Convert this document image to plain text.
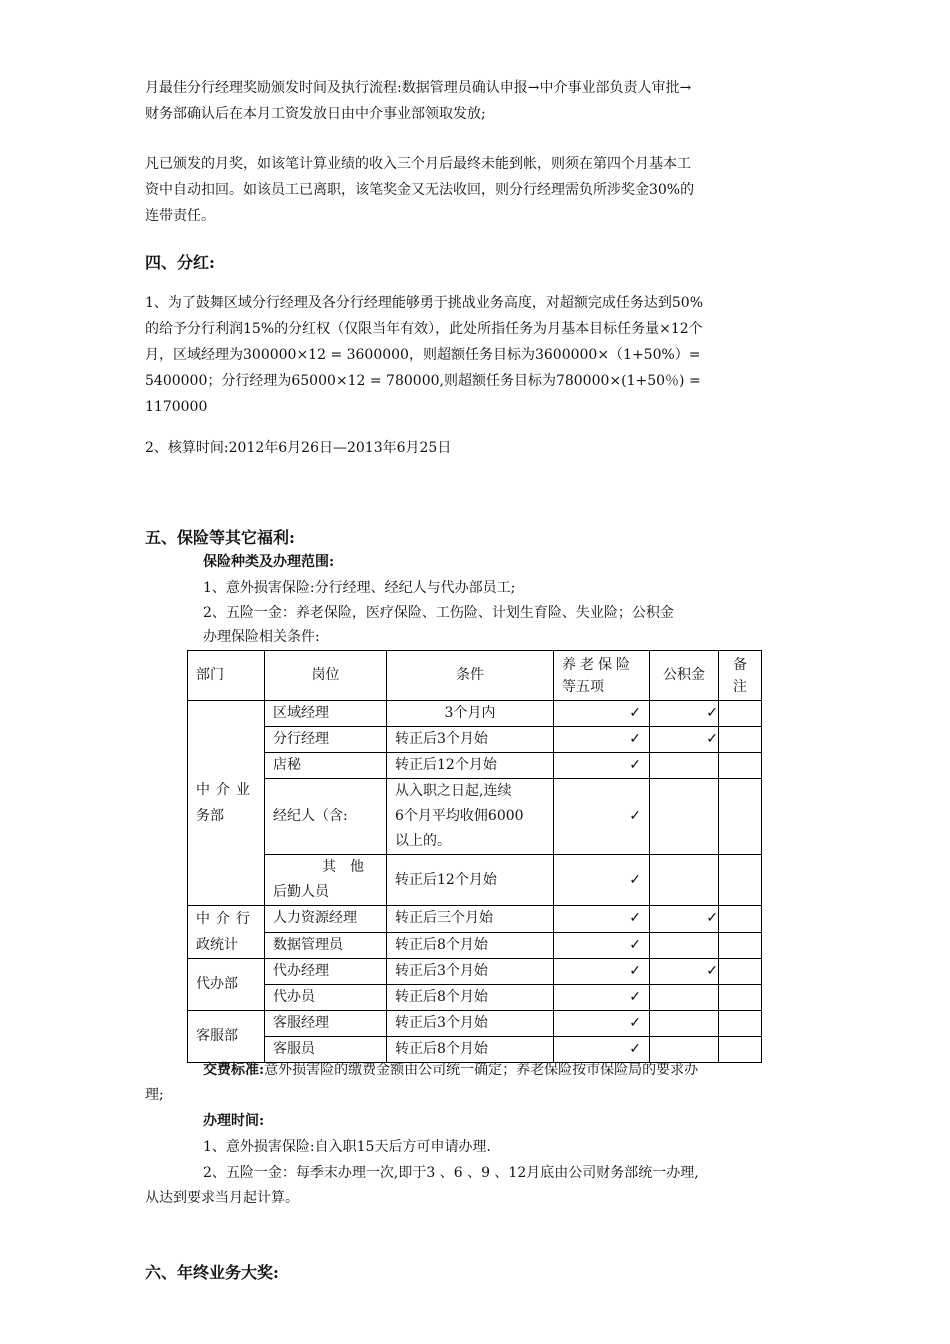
月最佳分行经理奖励颁发时间及执行流程:数据管理员确认申报→中介事业部负责人审批→
财务部确认后在本月工资发放日由中介事业部领取发放;

凡已颁发的月奖，如该笔计算业绩的收入三个月后最终未能到帐，则须在第四个月基本工
资中自动扣回。如该员工已离职，该笔奖金又无法收回，则分行经理需负所涉奖金30%的
连带责任。

四、分红:

1、为了鼓舞区域分行经理及各分行经理能够勇于挑战业务高度，对超额完成任务达到50%
的给予分行利润15%的分红权（仅限当年有效），此处所指任务为月基本目标任务量×12个
月，区域经理为300000×12 = 3600000，则超额任务目标为3600000×（1+50%）=
5400000；分行经理为65000×12 = 780000,则超额任务目标为780000×(1+50％) =
1170000

2、核算时间:2012年6月26日—2013年6月25日

五、保险等其它福利:

保险种类及办理范围:

1、意外损害保险:分行经理、经纪人与代办部员工;

2、五险一金：养老保险，医疗保险、工伤险、计划生育险、失业险；公积金

办理保险相关条件:

部门	岗位	条件	养老保险
等五项	公积金	备
注

中介业
务部	区域经理	3个月内	✓	✓	
	分行经理	转正后3个月始	✓	✓	
	店秘	转正后12个月始	✓		
	经纪人（含:	从入职之日起,连续
6个月平均收佣6000
以上的。	✓		

	其他
后勤人员	转正后12个月始	✓		

中介行
政统计	人力资源经理	转正后三个月始	✓	✓	
	数据管理员	转正后8个月始	✓		
代办部	代办经理	转正后3个月始	✓	✓	
	代办员	转正后8个月始	✓		
客服部	客服经理	转正后3个月始	✓		
	客服员	转正后8个月始	✓		

交费标准:意外损害险的缴费金额由公司统一确定；养老保险按市保险局的要求办

理;

办理时间:

1、意外损害保险:自入职15天后方可申请办理.

2、五险一金：每季末办理一次,即于3 、6 、9 、12月底由公司财务部统一办理,

从达到要求当月起计算。

六、年终业务大奖:
